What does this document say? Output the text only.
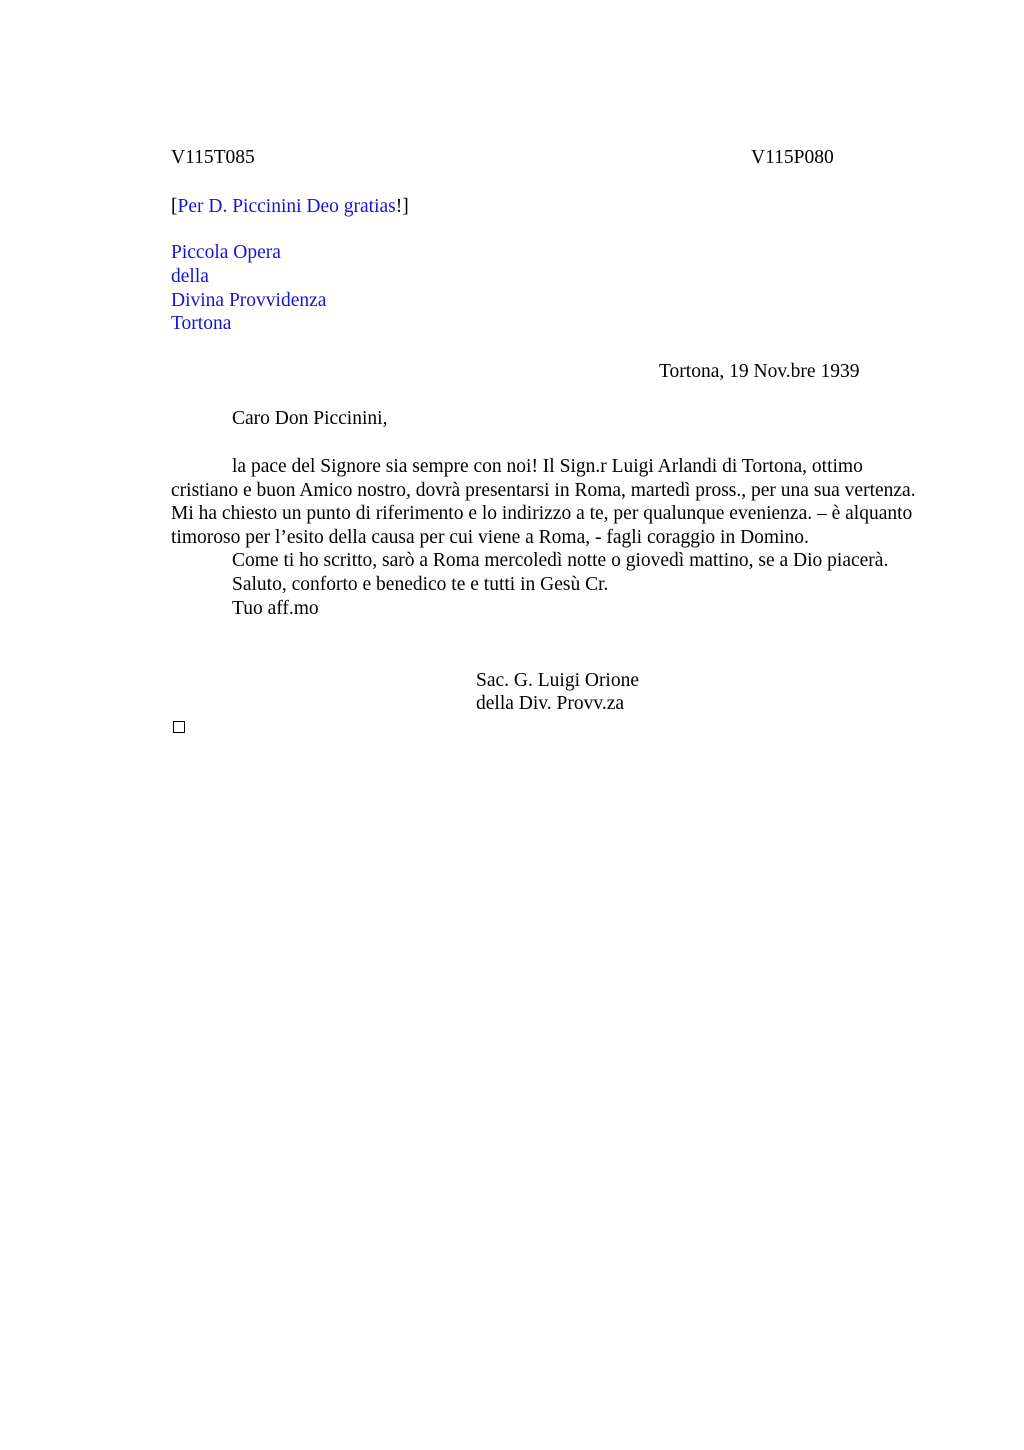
V115T085	V115P080
[Per D. Piccinini Deo gratias!]
Piccola Opera
della
Divina Provvidenza
Tortona
Tortona, 19 Nov.bre 1939
Caro Don Piccinini,

la pace del Signore sia sempre con noi! Il Sign.r Luigi Arlandi di Tortona, ottimo cristiano e buon Amico nostro, dovrà presentarsi in Roma, martedì pross., per una sua vertenza. Mi ha chiesto un punto di riferimento e lo indirizzo a te, per qualunque evenienza. – è alquanto timoroso per l’esito della causa per cui viene a Roma, - fagli coraggio in Domino.

Come ti ho scritto, sarò a Roma mercoledì notte o giovedì mattino, se a Dio piacerà.

Saluto, conforto e benedico te e tutti in Gesù Cr.

Tuo aff.mo

Sac. G. Luigi Orione
della Div. Provv.za
